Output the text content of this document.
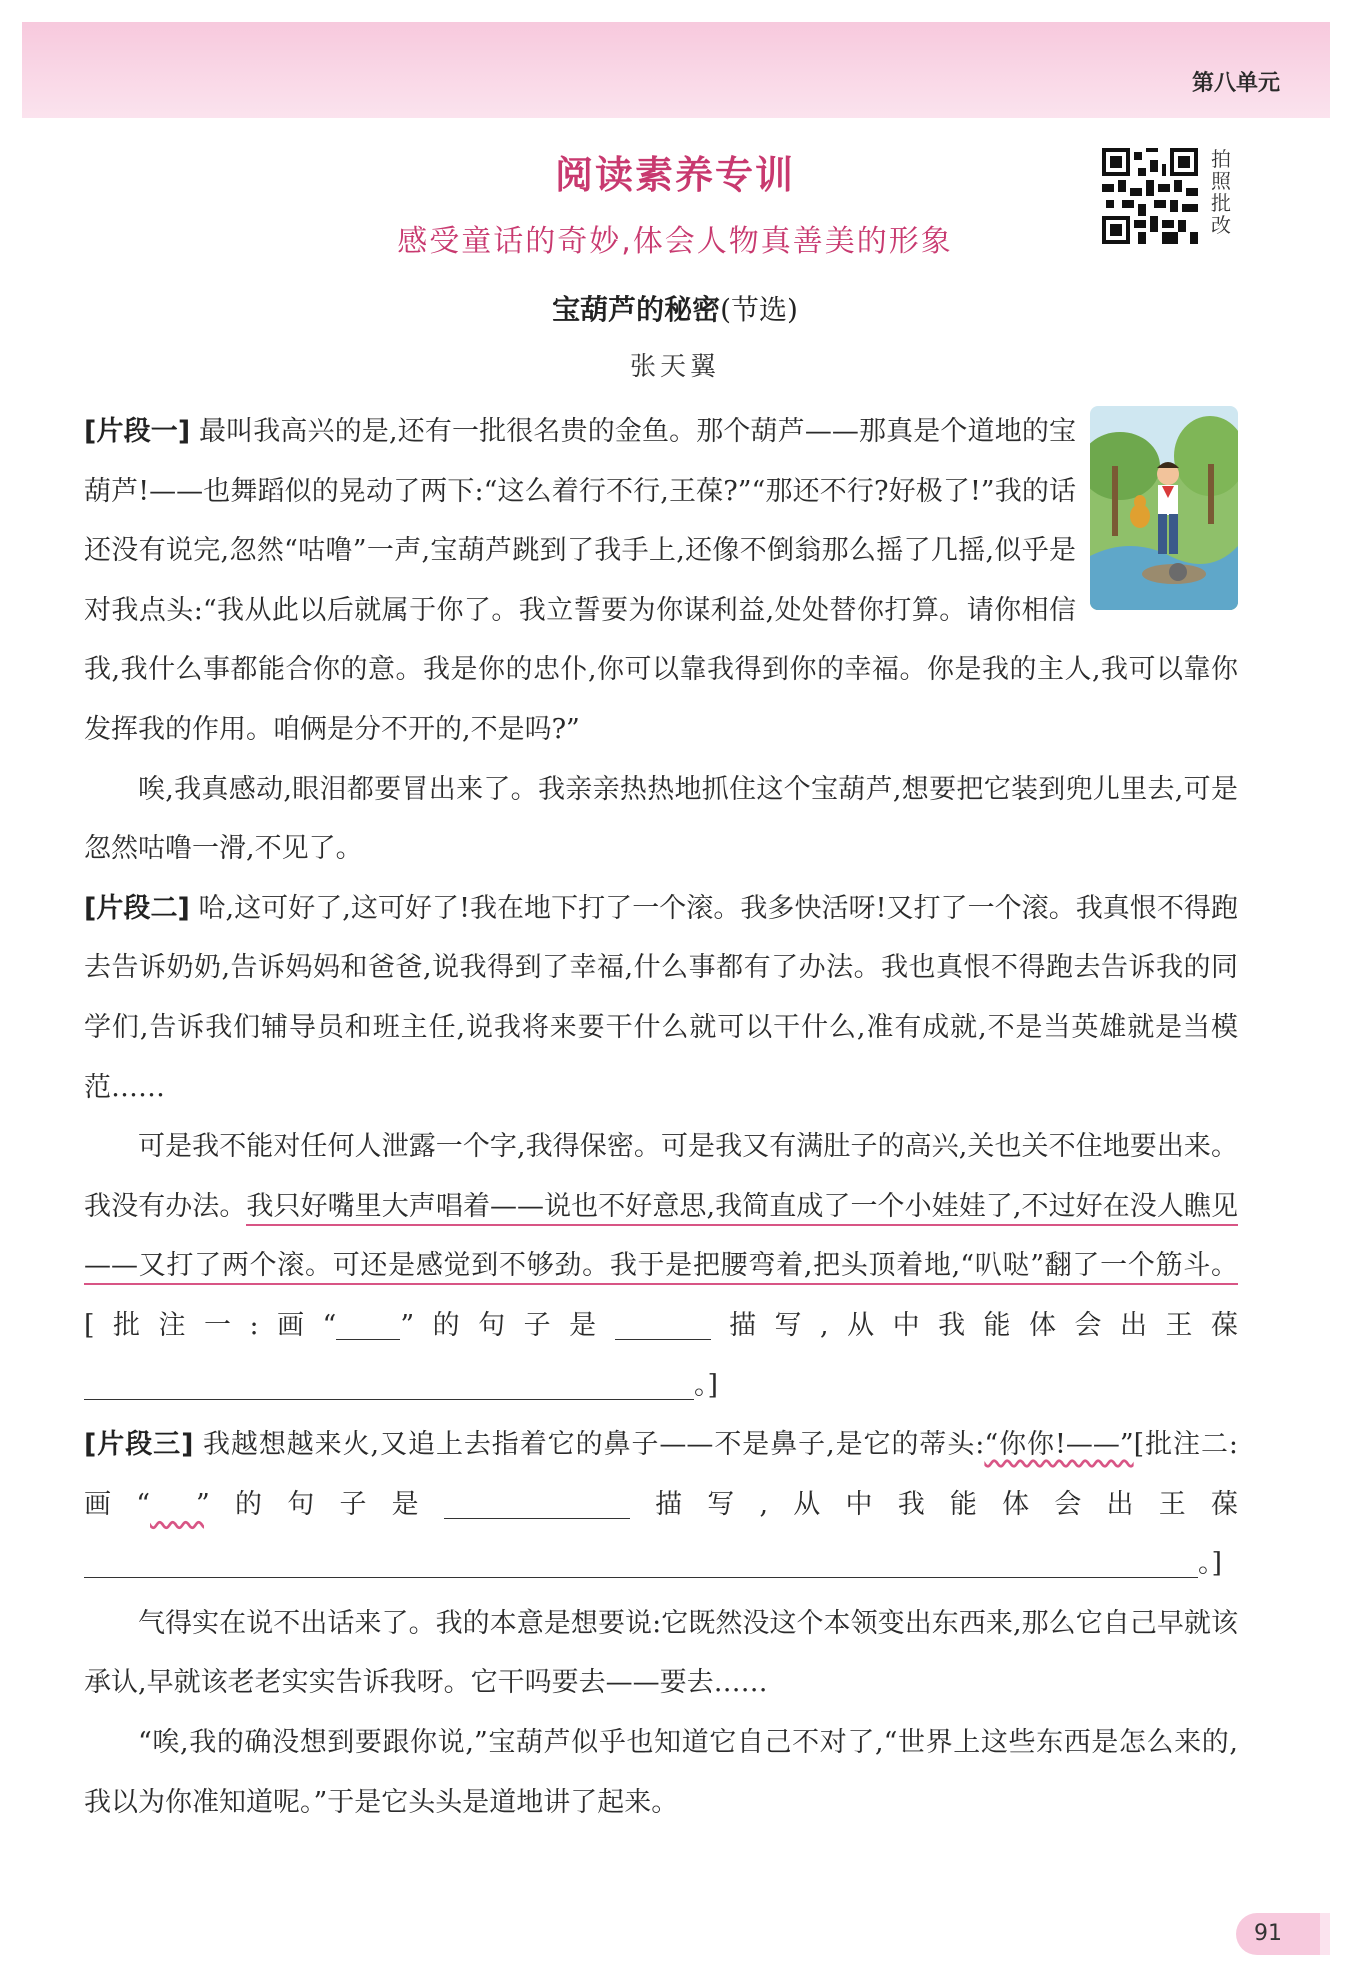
第八单元
阅读素养专训
感受童话的奇妙,体会人物真善美的形象
拍
照
批
改
宝葫芦的秘密(节选)
张天翼

[片段一] 最叫我高兴的是,还有一批很名贵的金鱼。那个葫芦——那真是个道地的宝葫芦!——也舞蹈似的晃动了两下:“这么着行不行,王葆?”“那还不行?好极了!”我的话还没有说完,忽然“咕噜”一声,宝葫芦跳到了我手上,还像不倒翁那么摇了几摇,似乎是对我点头:“我从此以后就属于你了。我立誓要为你谋利益,处处替你打算。请你相信我,我什么事都能合你的意。我是你的忠仆,你可以靠我得到你的幸福。你是我的主人,我可以靠你发挥我的作用。咱俩是分不开的,不是吗?”

唉,我真感动,眼泪都要冒出来了。我亲亲热热地抓住这个宝葫芦,想要把它装到兜儿里去,可是忽然咕噜一滑,不见了。

[片段二] 哈,这可好了,这可好了!我在地下打了一个滚。我多快活呀!又打了一个滚。我真恨不得跑去告诉奶奶,告诉妈妈和爸爸,说我得到了幸福,什么事都有了办法。我也真恨不得跑去告诉我的同学们,告诉我们辅导员和班主任,说我将来要干什么就可以干什么,准有成就,不是当英雄就是当模范……

可是我不能对任何人泄露一个字,我得保密。可是我又有满肚子的高兴,关也关不住地要出来。我没有办法。我只好嘴里大声唱着——说也不好意思,我简直成了一个小娃娃了,不过好在没人瞧见——又打了两个滚。可还是感觉到不够劲。我于是把腰弯着,把头顶着地,“叭哒”翻了一个筋斗。[批注一:画“ ”的句子是	描写,从中我能体会出王葆。]

[片段三] 我越想越来火,又追上去指着它的鼻子——不是鼻子,是它的蒂头:“你你!——”[批注二:画“   ”的句子是	描写,从中我能体会出王葆。]

气得实在说不出话来了。我的本意是想要说:它既然没这个本领变出东西来,那么它自己早就该承认,早就该老老实实告诉我呀。它干吗要去——要去……

“唉,我的确没想到要跟你说,”宝葫芦似乎也知道它自己不对了,“世界上这些东西是怎么来的,我以为你准知道呢。”于是它头头是道地讲了起来。

91
